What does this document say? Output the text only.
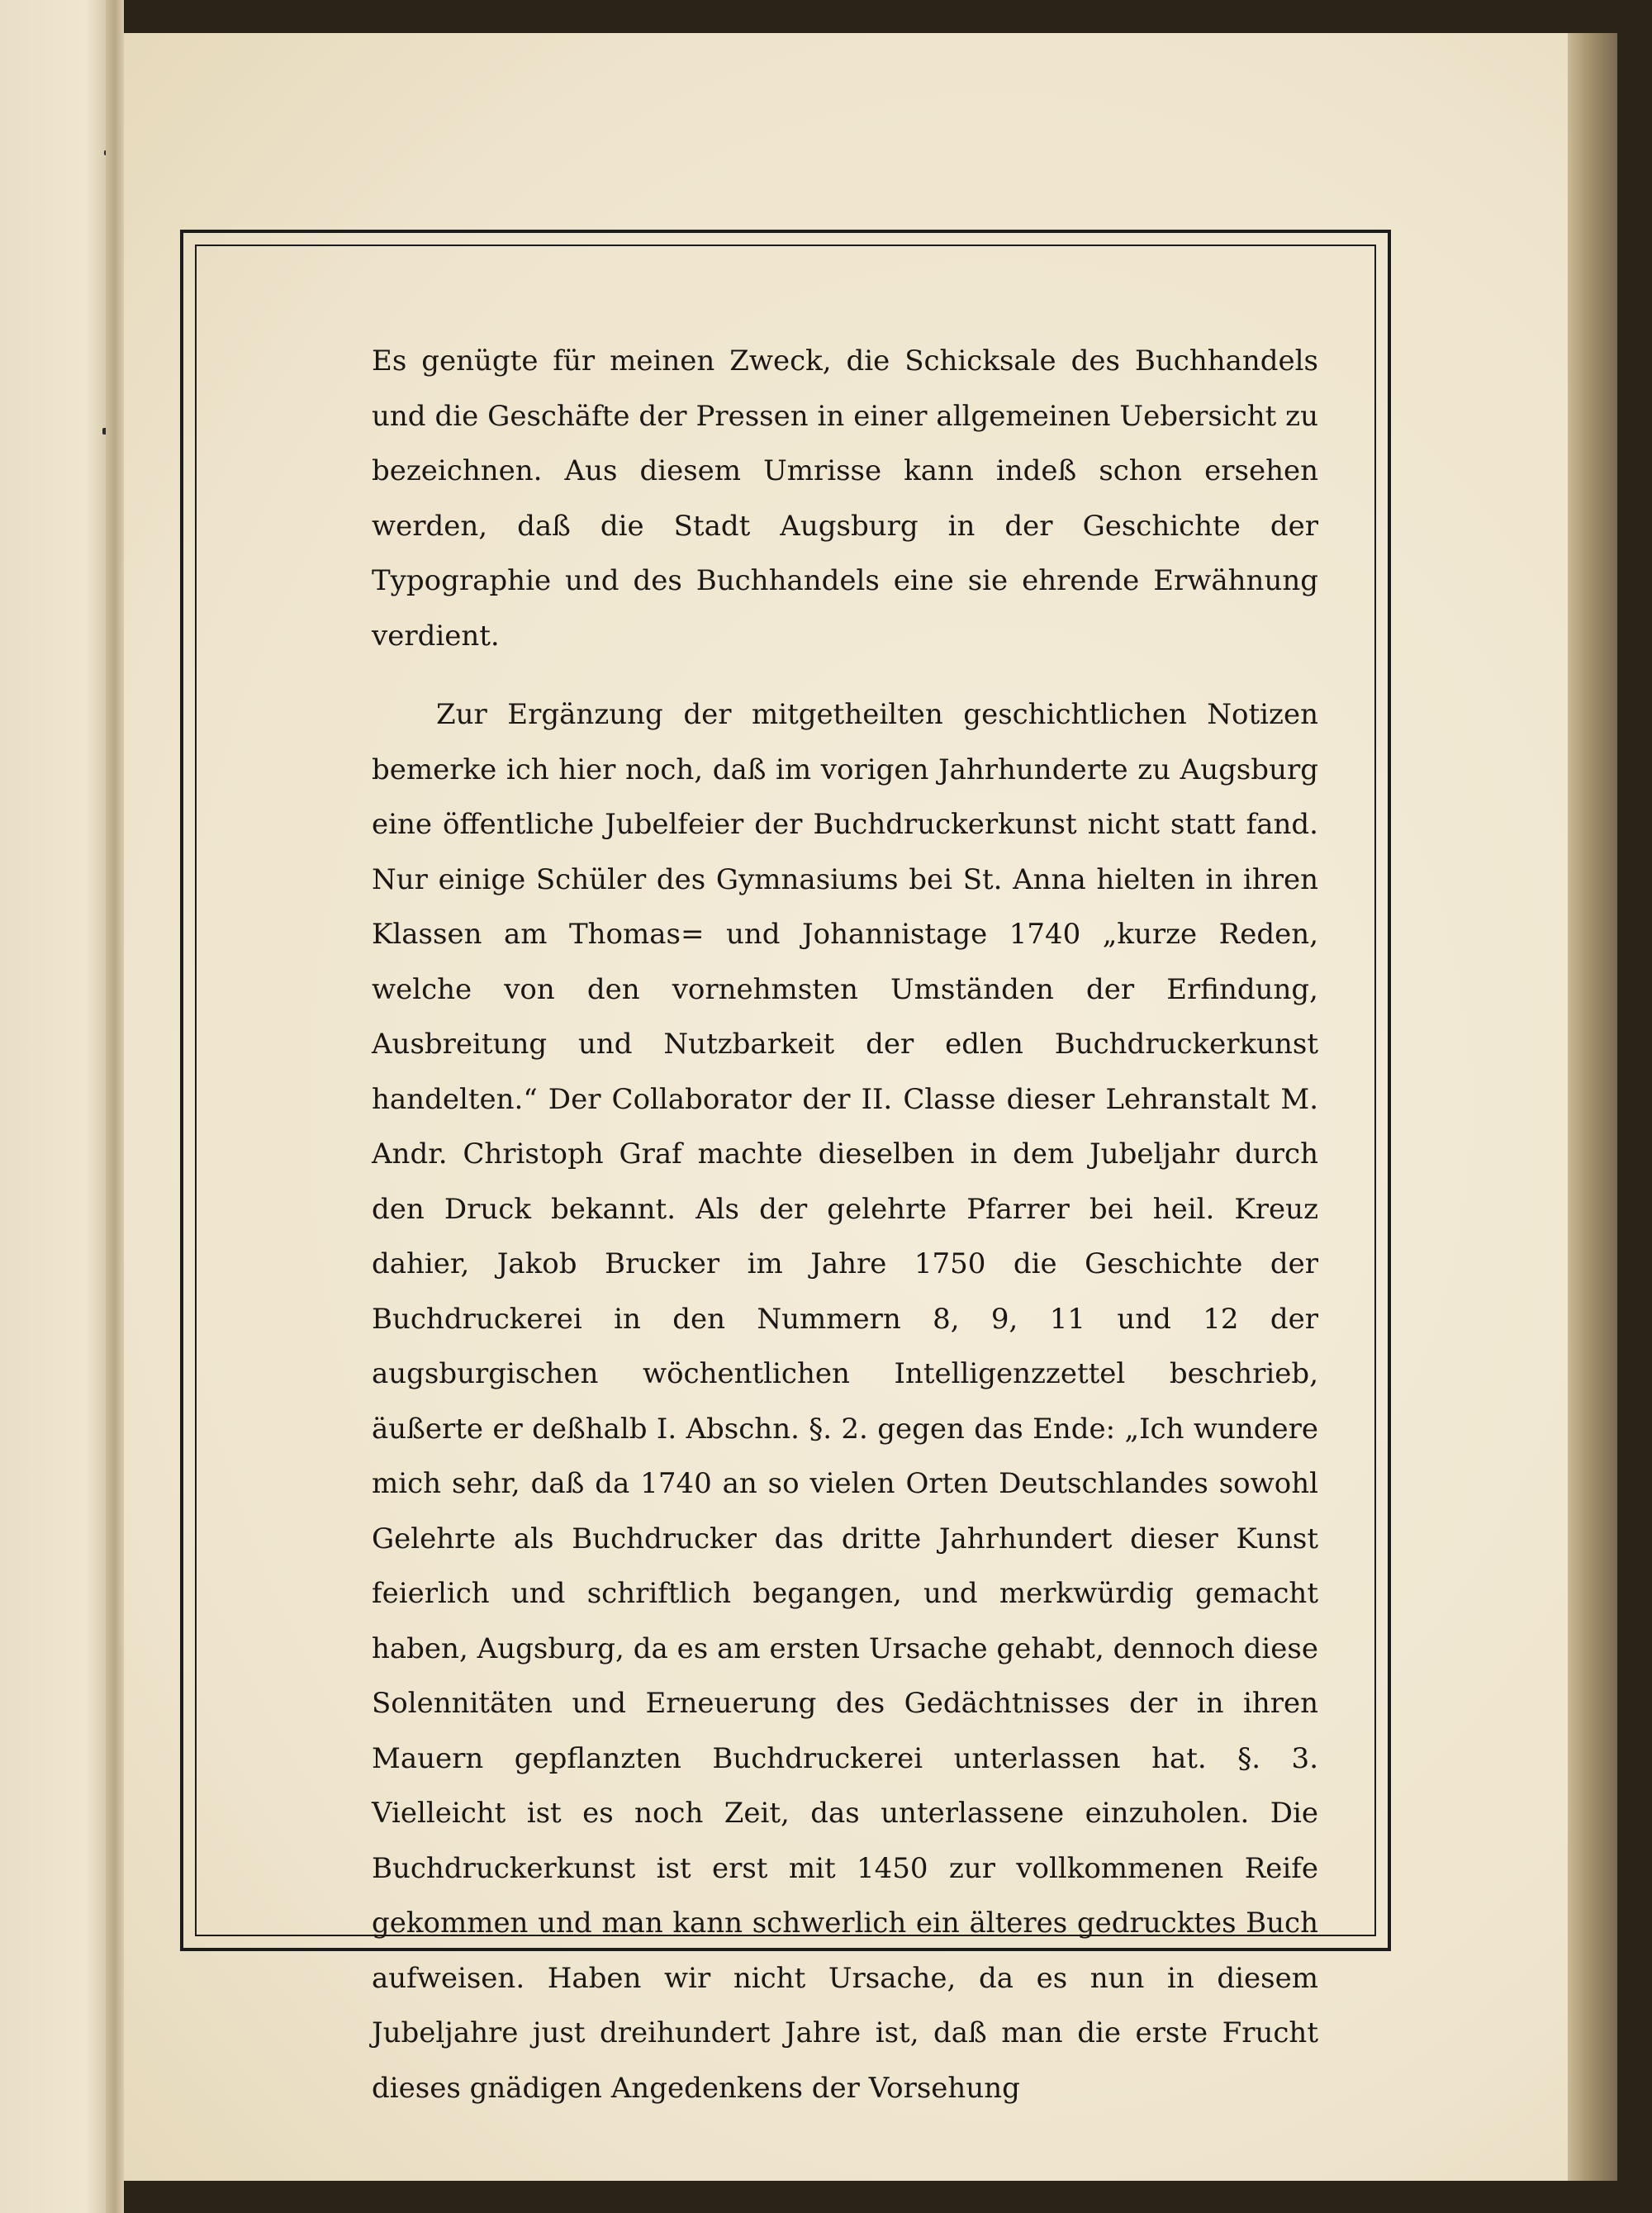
Es genügte für meinen Zweck, die Schicksale des Buchhandels und die Geschäfte der Pressen in einer allgemeinen Uebersicht zu bezeichnen. Aus diesem Umrisse kann indeß schon ersehen werden, daß die Stadt Augsburg in der Geschichte der Typographie und des Buchhandels eine sie ehrende Erwähnung verdient.

Zur Ergänzung der mitgetheilten geschichtlichen Notizen bemerke ich hier noch, daß im vorigen Jahrhunderte zu Augsburg eine öffentliche Jubelfeier der Buchdruckerkunst nicht statt fand. Nur einige Schüler des Gymnasiums bei St. Anna hielten in ihren Klassen am Thomas= und Johannistage 1740 „kurze Reden, welche von den vornehmsten Umständen der Erfindung, Ausbreitung und Nutzbarkeit der edlen Buchdruckerkunst handelten.“ Der Collaborator der II. Classe dieser Lehranstalt M. Andr. Christoph Graf machte dieselben in dem Jubeljahr durch den Druck bekannt. Als der gelehrte Pfarrer bei heil. Kreuz dahier, Jakob Brucker im Jahre 1750 die Geschichte der Buchdruckerei in den Nummern 8, 9, 11 und 12 der augsburgischen wöchentlichen Intelligenzzettel beschrieb, äußerte er deßhalb I. Abschn. §. 2. gegen das Ende: „Ich wundere mich sehr, daß da 1740 an so vielen Orten Deutschlandes sowohl Gelehrte als Buchdrucker das dritte Jahrhundert dieser Kunst feierlich und schriftlich begangen, und merkwürdig gemacht haben, Augsburg, da es am ersten Ursache gehabt, dennoch diese Solennitäten und Erneuerung des Gedächtnisses der in ihren Mauern gepflanzten Buchdruckerei unterlassen hat. §. 3. Vielleicht ist es noch Zeit, das unterlassene einzuholen. Die Buchdruckerkunst ist erst mit 1450 zur vollkommenen Reife gekommen und man kann schwerlich ein älteres gedrucktes Buch aufweisen. Haben wir nicht Ursache, da es nun in diesem Jubeljahre just dreihundert Jahre ist, daß man die erste Frucht dieses gnädigen Angedenkens der Vorsehung
